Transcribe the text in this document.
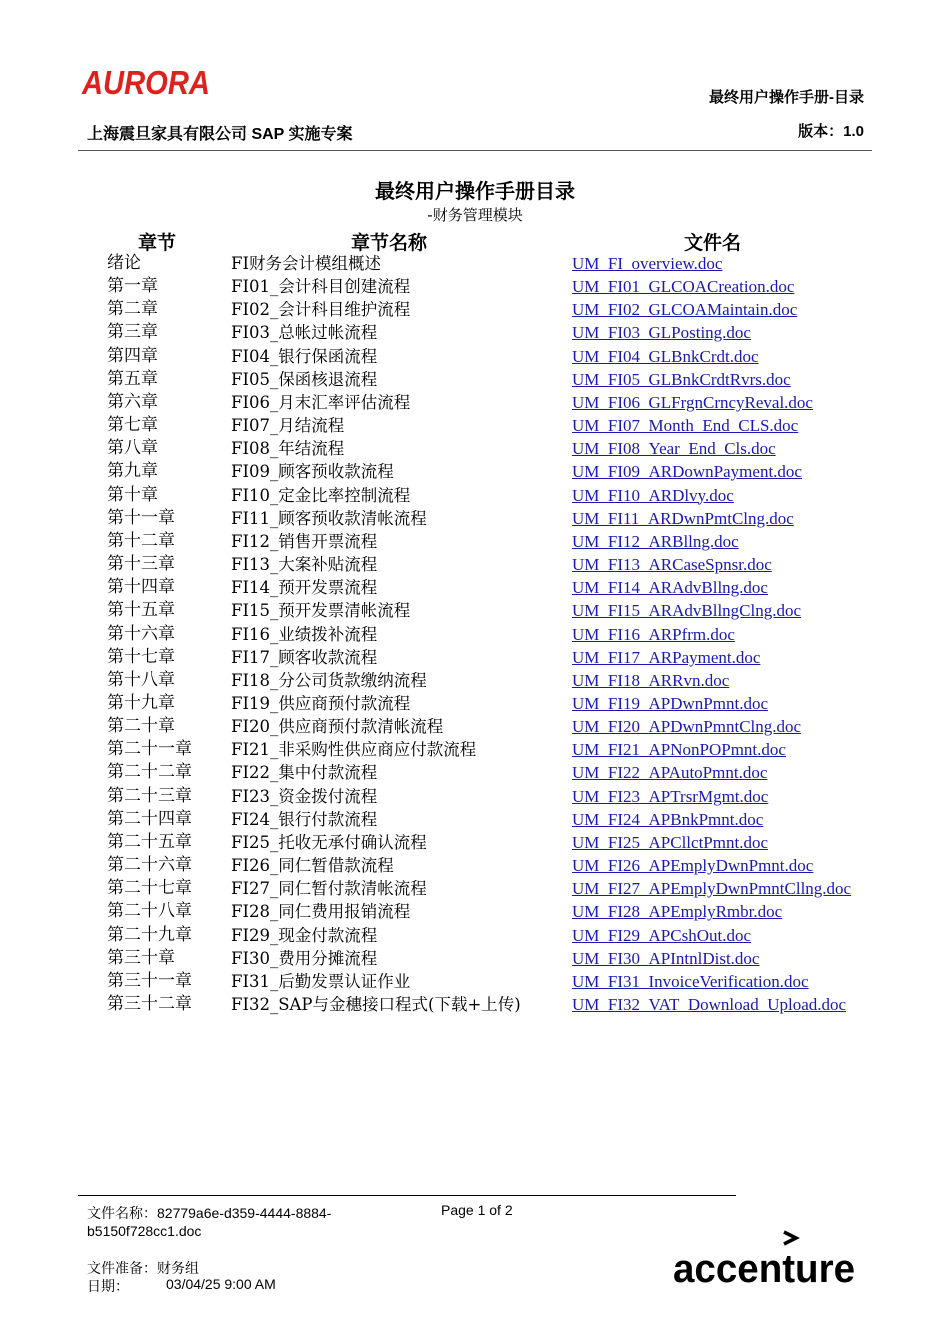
AURORA	最终用户操作手册-目录
上海震旦家具有限公司 SAP 实施专案	版本：1.0
最终用户操作手册目录
-财务管理模块
章节	章节名称	文件名
绪论	FI财务会计模组概述	UM_FI_overview.doc
第一章	FI01_会计科目创建流程	UM_FI01_GLCOACreation.doc
第二章	FI02_会计科目维护流程	UM_FI02_GLCOAMaintain.doc
第三章	FI03_总帐过帐流程	UM_FI03_GLPosting.doc
第四章	FI04_银行保函流程	UM_FI04_GLBnkCrdt.doc
第五章	FI05_保函核退流程	UM_FI05_GLBnkCrdtRvrs.doc
第六章	FI06_月末汇率评估流程	UM_FI06_GLFrgnCrncyReval.doc
第七章	FI07_月结流程	UM_FI07_Month_End_CLS.doc
第八章	FI08_年结流程	UM_FI08_Year_End_Cls.doc
第九章	FI09_顾客预收款流程	UM_FI09_ARDownPayment.doc
第十章	FI10_定金比率控制流程	UM_FI10_ARDlvy.doc
第十一章	FI11_顾客预收款清帐流程	UM_FI11_ARDwnPmtClng.doc
第十二章	FI12_销售开票流程	UM_FI12_ARBllng.doc
第十三章	FI13_大案补贴流程	UM_FI13_ARCaseSpnsr.doc
第十四章	FI14_预开发票流程	UM_FI14_ARAdvBllng.doc
第十五章	FI15_预开发票清帐流程	UM_FI15_ARAdvBllngClng.doc
第十六章	FI16_业绩拨补流程	UM_FI16_ARPfrm.doc
第十七章	FI17_顾客收款流程	UM_FI17_ARPayment.doc
第十八章	FI18_分公司货款缴纳流程	UM_FI18_ARRvn.doc
第十九章	FI19_供应商预付款流程	UM_FI19_APDwnPmnt.doc
第二十章	FI20_供应商预付款清帐流程	UM_FI20_APDwnPmntClng.doc
第二十一章 FI21_非采购性供应商应付款流程	UM_FI21_APNonPOPmnt.doc
第二十二章 FI22_集中付款流程	UM_FI22_APAutoPmnt.doc
第二十三章 FI23_资金拨付流程	UM_FI23_APTrsrMgmt.doc
第二十四章 FI24_银行付款流程	UM_FI24_APBnkPmnt.doc
第二十五章 FI25_托收无承付确认流程	UM_FI25_APCllctPmnt.doc
第二十六章 FI26_同仁暂借款流程	UM_FI26_APEmplyDwnPmnt.doc
第二十七章 FI27_同仁暂付款清帐流程	UM_FI27_APEmplyDwnPmntCllng.doc
第二十八章 FI28_同仁费用报销流程	UM_FI28_APEmplyRmbr.doc
第二十九章 FI29_现金付款流程	UM_FI29_APCshOut.doc
第三十章	FI30_费用分摊流程	UM_FI30_APIntnlDist.doc
第三十一章 FI31_后勤发票认证作业	UM_FI31_InvoiceVerification.doc
第三十二章 FI32_SAP与金穗接口程式(下载+上传)	UM_FI32_VAT_Download_Upload.doc
文件名称：82779a6e-d359-4444-8884-b5150f728cc1.doc
Page 1 of 2
文件准备：财务组
日期：	03/04/25 9:00 AM	accenture
